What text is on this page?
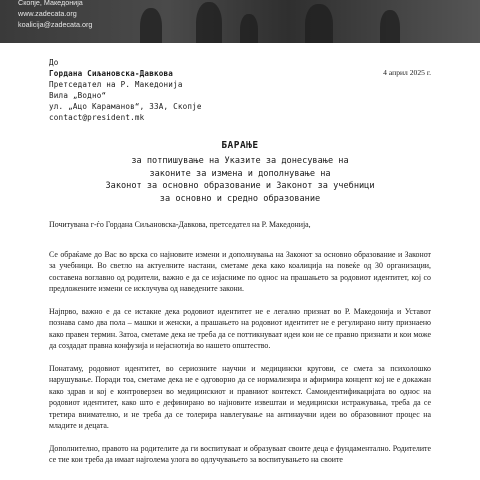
Скопје, Македонија
www.zadecata.org
koalicija@zadecata.org
До
Гордана Сиљановска-Давкова
Претседател на Р. Македонија
Вила „Водно“
ул. „Ацо Караманов“, 33А, Скопје
contact@president.mk
4 април 2025 г.
БАРАЊЕ
за потпишување на Указите за донесување на
законите за измена и дополнување на
Законот за основно образование и Законот за учебници
за основно и средно образование

Почитувана г-ѓо Гордана Сиљановска-Давкова, претседател на Р. Македонија,

Се обраќаме до Вас во врска со најновите измени и дополнувања на Законот за основно образование и Законот за учебници. Во светло на актуелните настани, сметаме дека како коалиција на повеќе од 30 организации, составена воглавно од родители, важно е да се изјасниме по однос на прашањето за родовиот идентитет, кој со предложените измени се исклучува од наведените закони.

Најпрво, важно е да се истакне дека родовиот идентитет не е легално признат во Р. Македонија и Уставот познава само два пола – машки и женски, а прашањето на родовиот идентитет не е регулирано ниту признаено како правен термин. Затоа, сметаме дека не треба да се поттикнуваат идеи кои не се правно признати и кои може да создадат правна конфузија и нејаснотија во нашето општество.

Понатаму, родовиот идентитет, во сериозните научни и медицински кругови, се смета за психолошко нарушување. Поради тоа, сметаме дека не е одговорно да се нормализира и афирмира концепт кој не е докажан како здрав и кој е контроверзен во медицинскиот и правниот контекст. Самоидентификацијата во однос на родовиот идентитет, како што е дефинирано во најновите извештаи и медицински истражувања, треба да се третира внимателно, и не треба да се толерира навлегување на антинаучни идеи во образовниот процес на младите и децата.

Дополнително, правото на родителите да ги воспитуваат и образуваат своите деца е фундаментално. Родителите се тие кои треба да имаат најголема улога во одлучувањето за воспитувањето на своите
